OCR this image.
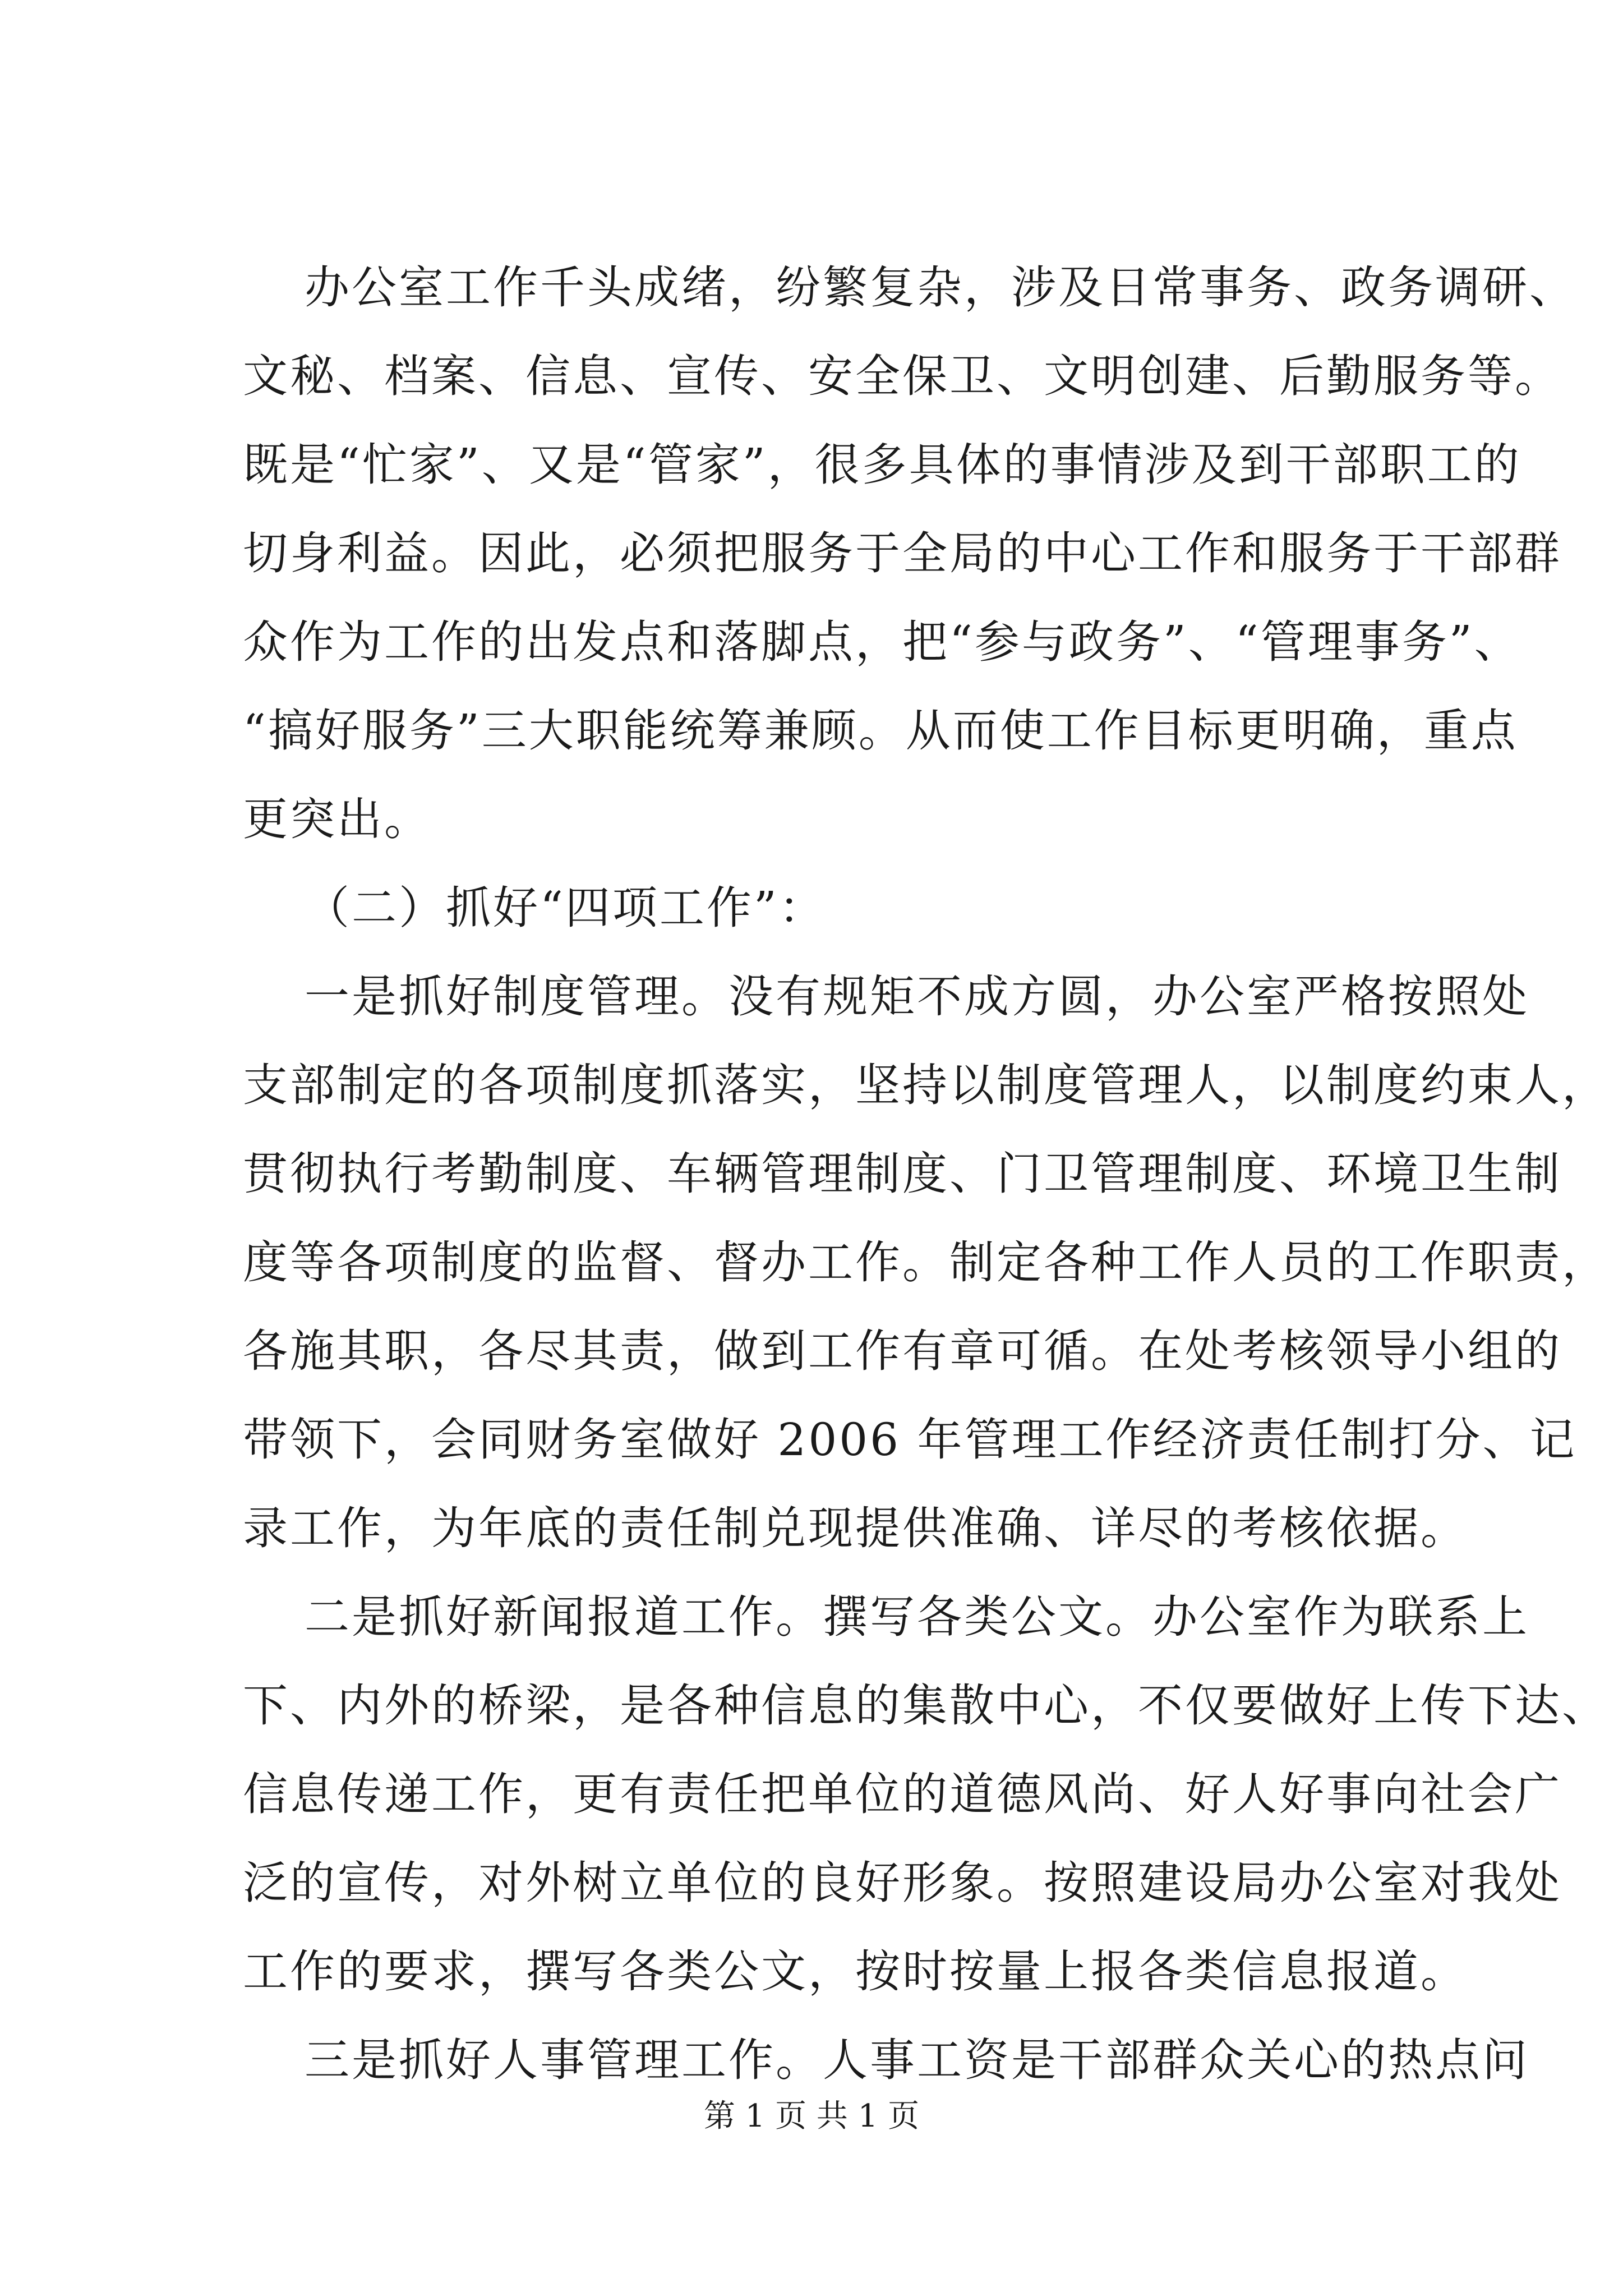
办公室工作千头成绪，纷繁复杂，涉及日常事务、政务调研、
文秘、档案、信息、宣传、安全保卫、文明创建、后勤服务等。
既是“忙家”、又是“管家”，很多具体的事情涉及到干部职工的
切身利益。因此，必须把服务于全局的中心工作和服务于干部群
众作为工作的出发点和落脚点，把“参与政务”、“管理事务”、
“搞好服务”三大职能统筹兼顾。从而使工作目标更明确，重点
更突出。
（二）抓好“四项工作”：
一是抓好制度管理。没有规矩不成方圆，办公室严格按照处
支部制定的各项制度抓落实，坚持以制度管理人，以制度约束人，
贯彻执行考勤制度、车辆管理制度、门卫管理制度、环境卫生制
度等各项制度的监督、督办工作。制定各种工作人员的工作职责，
各施其职，各尽其责，做到工作有章可循。在处考核领导小组的
带领下，会同财务室做好 2006 年管理工作经济责任制打分、记
录工作，为年底的责任制兑现提供准确、详尽的考核依据。
二是抓好新闻报道工作。撰写各类公文。办公室作为联系上
下、内外的桥梁，是各种信息的集散中心，不仅要做好上传下达、
信息传递工作，更有责任把单位的道德风尚、好人好事向社会广
泛的宣传，对外树立单位的良好形象。按照建设局办公室对我处
工作的要求，撰写各类公文，按时按量上报各类信息报道。
三是抓好人事管理工作。人事工资是干部群众关心的热点问
第 1 页 共 1 页
